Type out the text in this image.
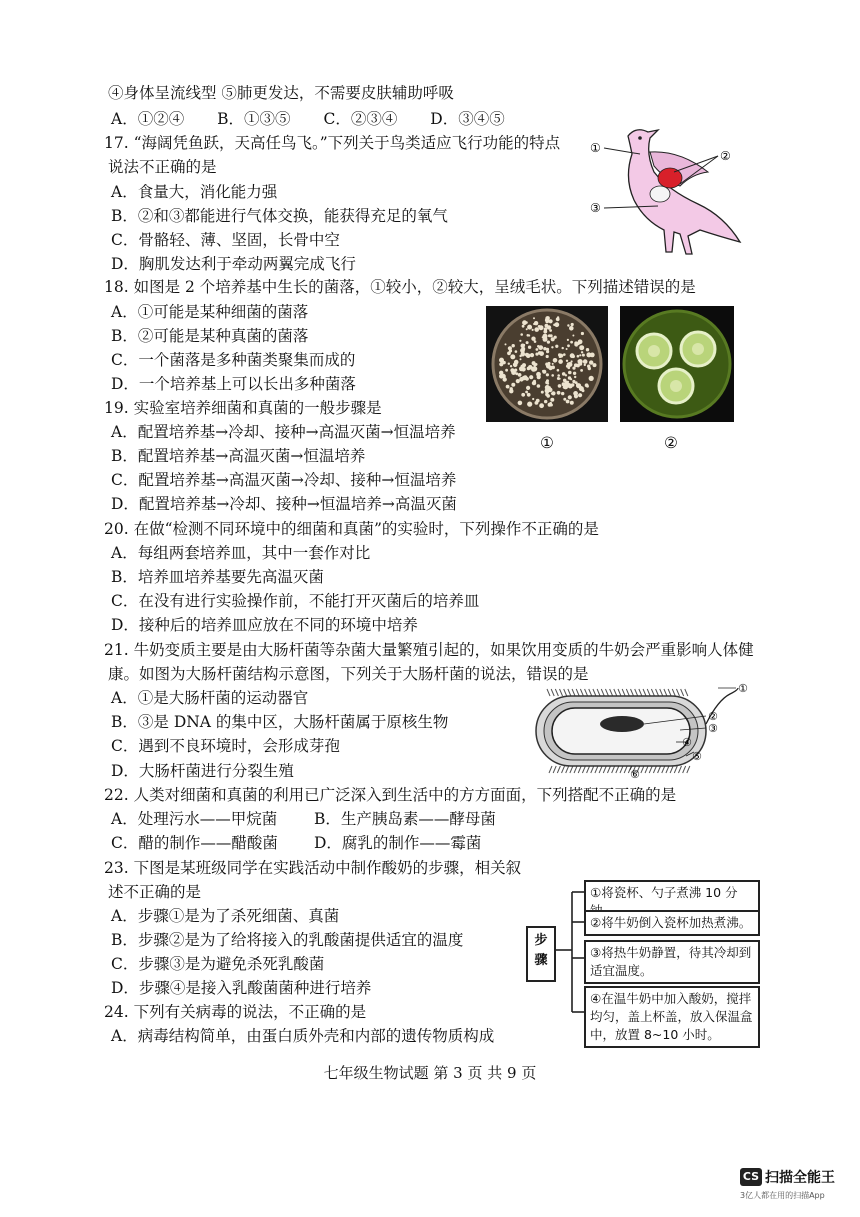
④身体呈流线型 ⑤肺更发达，不需要皮肤辅助呼吸
A．①②④ B．①③⑤ C．②③④ D．③④⑤
17. “海阔凭鱼跃，天高任鸟飞。”下列关于鸟类适应飞行功能的特点
说法不正确的是
A．食量大，消化能力强
B．②和③都能进行气体交换，能获得充足的氧气
C．骨骼轻、薄、坚固，长骨中空
D．胸肌发达利于牵动两翼完成飞行
①
②
③
18. 如图是 2 个培养基中生长的菌落，①较小，②较大，呈绒毛状。下列描述错误的是
A．①可能是某种细菌的菌落
B．②可能是某种真菌的菌落
C．一个菌落是多种菌类聚集而成的
D．一个培养基上可以长出多种菌落
①	②
19. 实验室培养细菌和真菌的一般步骤是
A．配置培养基→冷却、接种→高温灭菌→恒温培养
B．配置培养基→高温灭菌→恒温培养
C．配置培养基→高温灭菌→冷却、接种→恒温培养
D．配置培养基→冷却、接种→恒温培养→高温灭菌
20. 在做“检测不同环境中的细菌和真菌”的实验时，下列操作不正确的是
A．每组两套培养皿，其中一套作对比
B．培养皿培养基要先高温灭菌
C．在没有进行实验操作前，不能打开灭菌后的培养皿
D．接种后的培养皿应放在不同的环境中培养
21. 牛奶变质主要是由大肠杆菌等杂菌大量繁殖引起的，如果饮用变质的牛奶会严重影响人体健
康。如图为大肠杆菌结构示意图，下列关于大肠杆菌的说法，错误的是
A．①是大肠杆菌的运动器官
B．③是 DNA 的集中区，大肠杆菌属于原核生物
C．遇到不良环境时，会形成芽孢
D．大肠杆菌进行分裂生殖
①
②
③
④
⑤
⑥
22. 人类对细菌和真菌的利用已广泛深入到生活中的方方面面，下列搭配不正确的是
A．处理污水——甲烷菌 B．生产胰岛素——酵母菌
C．醋的制作——醋酸菌 D．腐乳的制作——霉菌
23. 下图是某班级同学在实践活动中制作酸奶的步骤，相关叙
述不正确的是
A．步骤①是为了杀死细菌、真菌
B．步骤②是为了给将接入的乳酸菌提供适宜的温度
C．步骤③是为避免杀死乳酸菌
D．步骤④是接入乳酸菌菌种进行培养
步骤
①将瓷杯、勺子煮沸 10 分
②将牛奶倒入瓷杯加热煮沸。
③将热牛奶静置，待其冷却到适宜温度。
④在温牛奶中加入酸奶，搅拌均匀，盖上杯盖，放入保温盒中，放置 8~10 小时。
24. 下列有关病毒的说法，不正确的是
A．病毒结构简单，由蛋白质外壳和内部的遗传物质构成
七年级生物试题 第 3 页 共 9 页
CS 扫描全能王
3亿人都在用的扫描App
